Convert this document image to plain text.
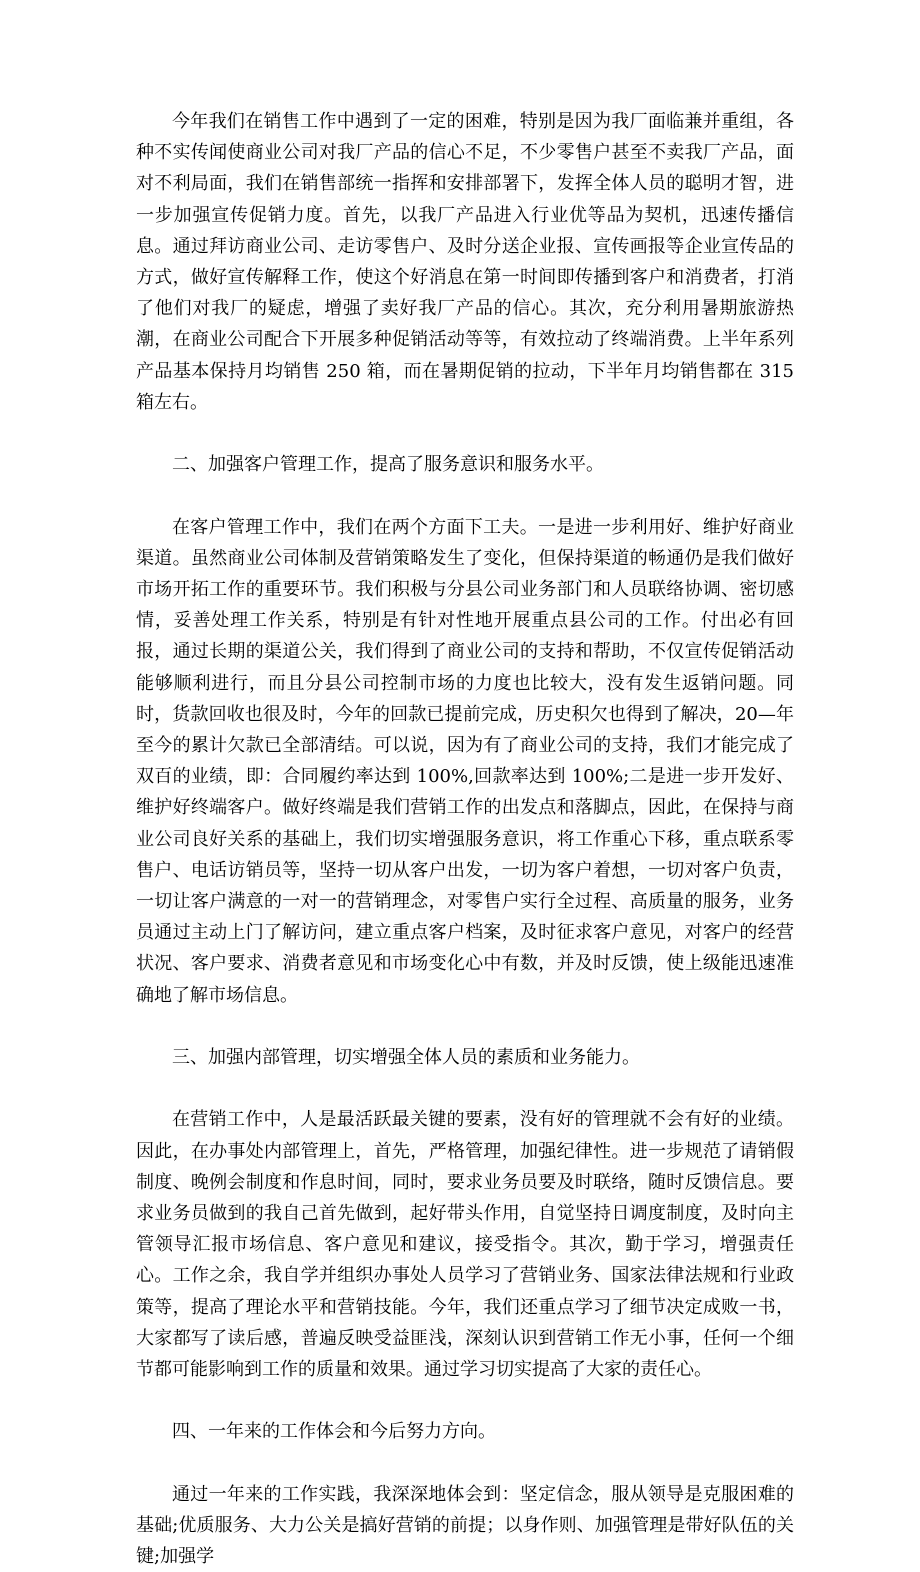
今年我们在销售工作中遇到了一定的困难，特别是因为我厂面临兼并重组，各种不实传闻使商业公司对我厂产品的信心不足，不少零售户甚至不卖我厂产品，面对不利局面，我们在销售部统一指挥和安排部署下，发挥全体人员的聪明才智，进一步加强宣传促销力度。首先，以我厂产品进入行业优等品为契机，迅速传播信息。通过拜访商业公司、走访零售户、及时分送企业报、宣传画报等企业宣传品的方式，做好宣传解释工作，使这个好消息在第一时间即传播到客户和消费者，打消了他们对我厂的疑虑，增强了卖好我厂产品的信心。其次，充分利用暑期旅游热潮，在商业公司配合下开展多种促销活动等等，有效拉动了终端消费。上半年系列产品基本保持月均销售 250 箱，而在暑期促销的拉动，下半年月均销售都在 315 箱左右。

二、加强客户管理工作，提高了服务意识和服务水平。

在客户管理工作中，我们在两个方面下工夫。一是进一步利用好、维护好商业渠道。虽然商业公司体制及营销策略发生了变化，但保持渠道的畅通仍是我们做好市场开拓工作的重要环节。我们积极与分县公司业务部门和人员联络协调、密切感情，妥善处理工作关系，特别是有针对性地开展重点县公司的工作。付出必有回报，通过长期的渠道公关，我们得到了商业公司的支持和帮助，不仅宣传促销活动能够顺利进行，而且分县公司控制市场的力度也比较大，没有发生返销问题。同时，货款回收也很及时，今年的回款已提前完成，历史积欠也得到了解决，20—年至今的累计欠款已全部清结。可以说，因为有了商业公司的支持，我们才能完成了双百的业绩，即：合同履约率达到 100%,回款率达到 100%;二是进一步开发好、维护好终端客户。做好终端是我们营销工作的出发点和落脚点，因此，在保持与商业公司良好关系的基础上，我们切实增强服务意识，将工作重心下移，重点联系零售户、电话访销员等，坚持一切从客户出发，一切为客户着想，一切对客户负责，一切让客户满意的一对一的营销理念，对零售户实行全过程、高质量的服务，业务员通过主动上门了解访问，建立重点客户档案，及时征求客户意见，对客户的经营状况、客户要求、消费者意见和市场变化心中有数，并及时反馈，使上级能迅速准确地了解市场信息。

三、加强内部管理，切实增强全体人员的素质和业务能力。

在营销工作中，人是最活跃最关键的要素，没有好的管理就不会有好的业绩。因此，在办事处内部管理上，首先，严格管理，加强纪律性。进一步规范了请销假制度、晚例会制度和作息时间，同时，要求业务员要及时联络，随时反馈信息。要求业务员做到的我自己首先做到，起好带头作用，自觉坚持日调度制度，及时向主管领导汇报市场信息、客户意见和建议，接受指令。其次，勤于学习，增强责任心。工作之余，我自学并组织办事处人员学习了营销业务、国家法律法规和行业政策等，提高了理论水平和营销技能。今年，我们还重点学习了细节决定成败一书，大家都写了读后感，普遍反映受益匪浅，深刻认识到营销工作无小事，任何一个细节都可能影响到工作的质量和效果。通过学习切实提高了大家的责任心。

四、一年来的工作体会和今后努力方向。

通过一年来的工作实践，我深深地体会到：坚定信念，服从领导是克服困难的基础;优质服务、大力公关是搞好营销的前提；以身作则、加强管理是带好队伍的关键;加强学
